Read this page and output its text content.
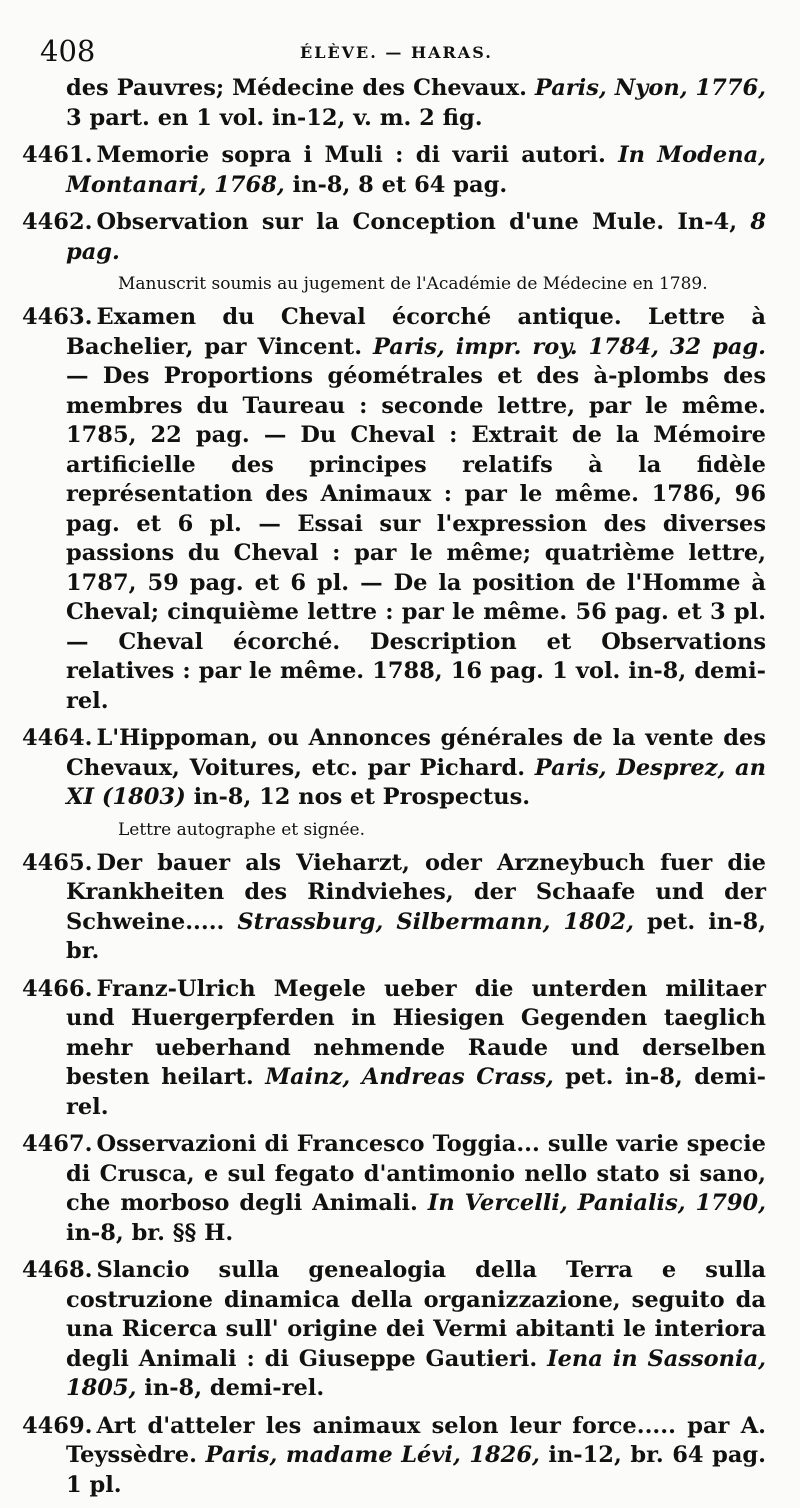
408	ÉLÈVE. — HARAS.

des Pauvres; Médecine des Chevaux. Paris, Nyon, 1776, 3 part. en 1 vol. in-12, v. m. 2 fig.

4461. Memorie sopra i Muli : di varii autori. In Modena, Montanari, 1768, in-8, 8 et 64 pag.

4462. Observation sur la Conception d'une Mule. In-4, 8 pag.

Manuscrit soumis au jugement de l'Académie de Médecine en 1789.

4463. Examen du Cheval écorché antique. Lettre à Bachelier, par Vincent. Paris, impr. roy. 1784, 32 pag. — Des Proportions géométrales et des à-plombs des membres du Taureau : seconde lettre, par le même. 1785, 22 pag. — Du Cheval : Extrait de la Mémoire artificielle des principes relatifs à la fidèle représentation des Animaux : par le même. 1786, 96 pag. et 6 pl. — Essai sur l'expression des diverses passions du Cheval : par le même; quatrième lettre, 1787, 59 pag. et 6 pl. — De la position de l'Homme à Cheval; cinquième lettre : par le même. 56 pag. et 3 pl. — Cheval écorché. Description et Observations relatives : par le même. 1788, 16 pag. 1 vol. in-8, demi-rel.

4464. L'Hippoman, ou Annonces générales de la vente des Chevaux, Voitures, etc. par Pichard. Paris, Desprez, an XI (1803) in-8, 12 nos et Prospectus.

Lettre autographe et signée.

4465. Der bauer als Vieharzt, oder Arzneybuch fuer die Krankheiten des Rindviehes, der Schaafe und der Schweine..... Strassburg, Silbermann, 1802, pet. in-8, br.

4466. Franz-Ulrich Megele ueber die unterden militaer und Huergerpferden in Hiesigen Gegenden taeglich mehr ueberhand nehmende Raude und derselben besten heilart. Mainz, Andreas Crass, pet. in-8, demi-rel.

4467. Osservazioni di Francesco Toggia... sulle varie specie di Crusca, e sul fegato d'antimonio nello stato si sano, che morboso degli Animali. In Vercelli, Panialis, 1790, in-8, br. §§ H.

4468. Slancio sulla genealogia della Terra e sulla costruzione dinamica della organizzazione, seguito da una Ricerca sull' origine dei Vermi abitanti le interiora degli Animali : di Giuseppe Gautieri. Iena in Sassonia, 1805, in-8, demi-rel.

4469. Art d'atteler les animaux selon leur force..... par A. Teyssèdre. Paris, madame Lévi, 1826, in-12, br. 64 pag. 1 pl.
